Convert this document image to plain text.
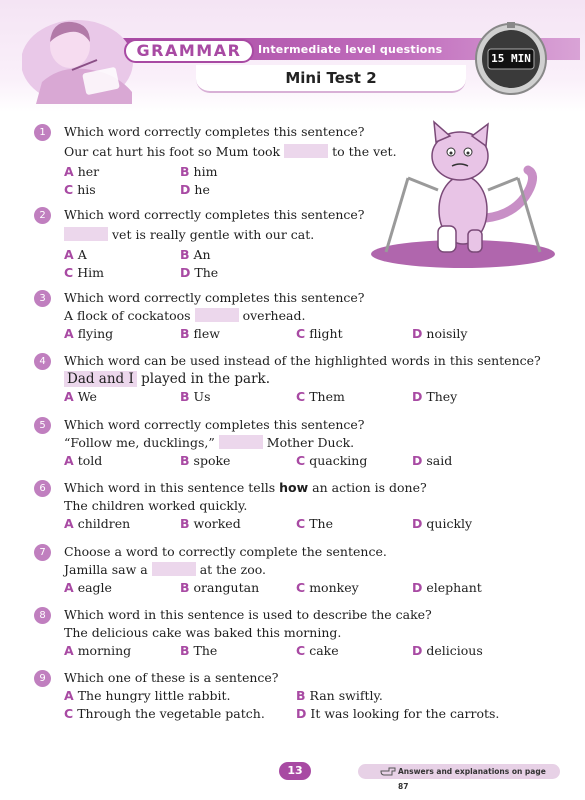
GRAMMAR	Intermediate level questions
Mini Test 2
15 MIN
1	Which word correctly completes this sentence?
Our cat hurt his foot so Mum took	to the vet.
A her	B him
C his	D he
2	Which word correctly completes this sentence?
vet is really gentle with our cat.
A A	B An
C Him	D The
3	Which word correctly completes this sentence?
A flock of cockatoos	overhead.
A flying	B flew	C flight	D noisily
4	Which word can be used instead of the highlighted words in this sentence?
Dad and I played in the park.
A We	B Us	C Them	D They
5	Which word correctly completes this sentence?
“Follow me, ducklings,”	Mother Duck.
A told	B spoke	C quacking	D said
6	Which word in this sentence tells how an action is done?
The children worked quickly.
A children	B worked	C The	D quickly
7	Choose a word to correctly complete the sentence.
Jamilla saw a	at the zoo.
A eagle	B orangutan	C monkey	D elephant
8	Which word in this sentence is used to describe the cake?
The delicious cake was baked this morning.
A morning	B The	C cake	D delicious
9	Which one of these is a sentence?
A The hungry little rabbit.	B Ran swiftly.
C Through the vegetable patch. D It was looking for the carrots.
13	Answers and explanations on page 87
